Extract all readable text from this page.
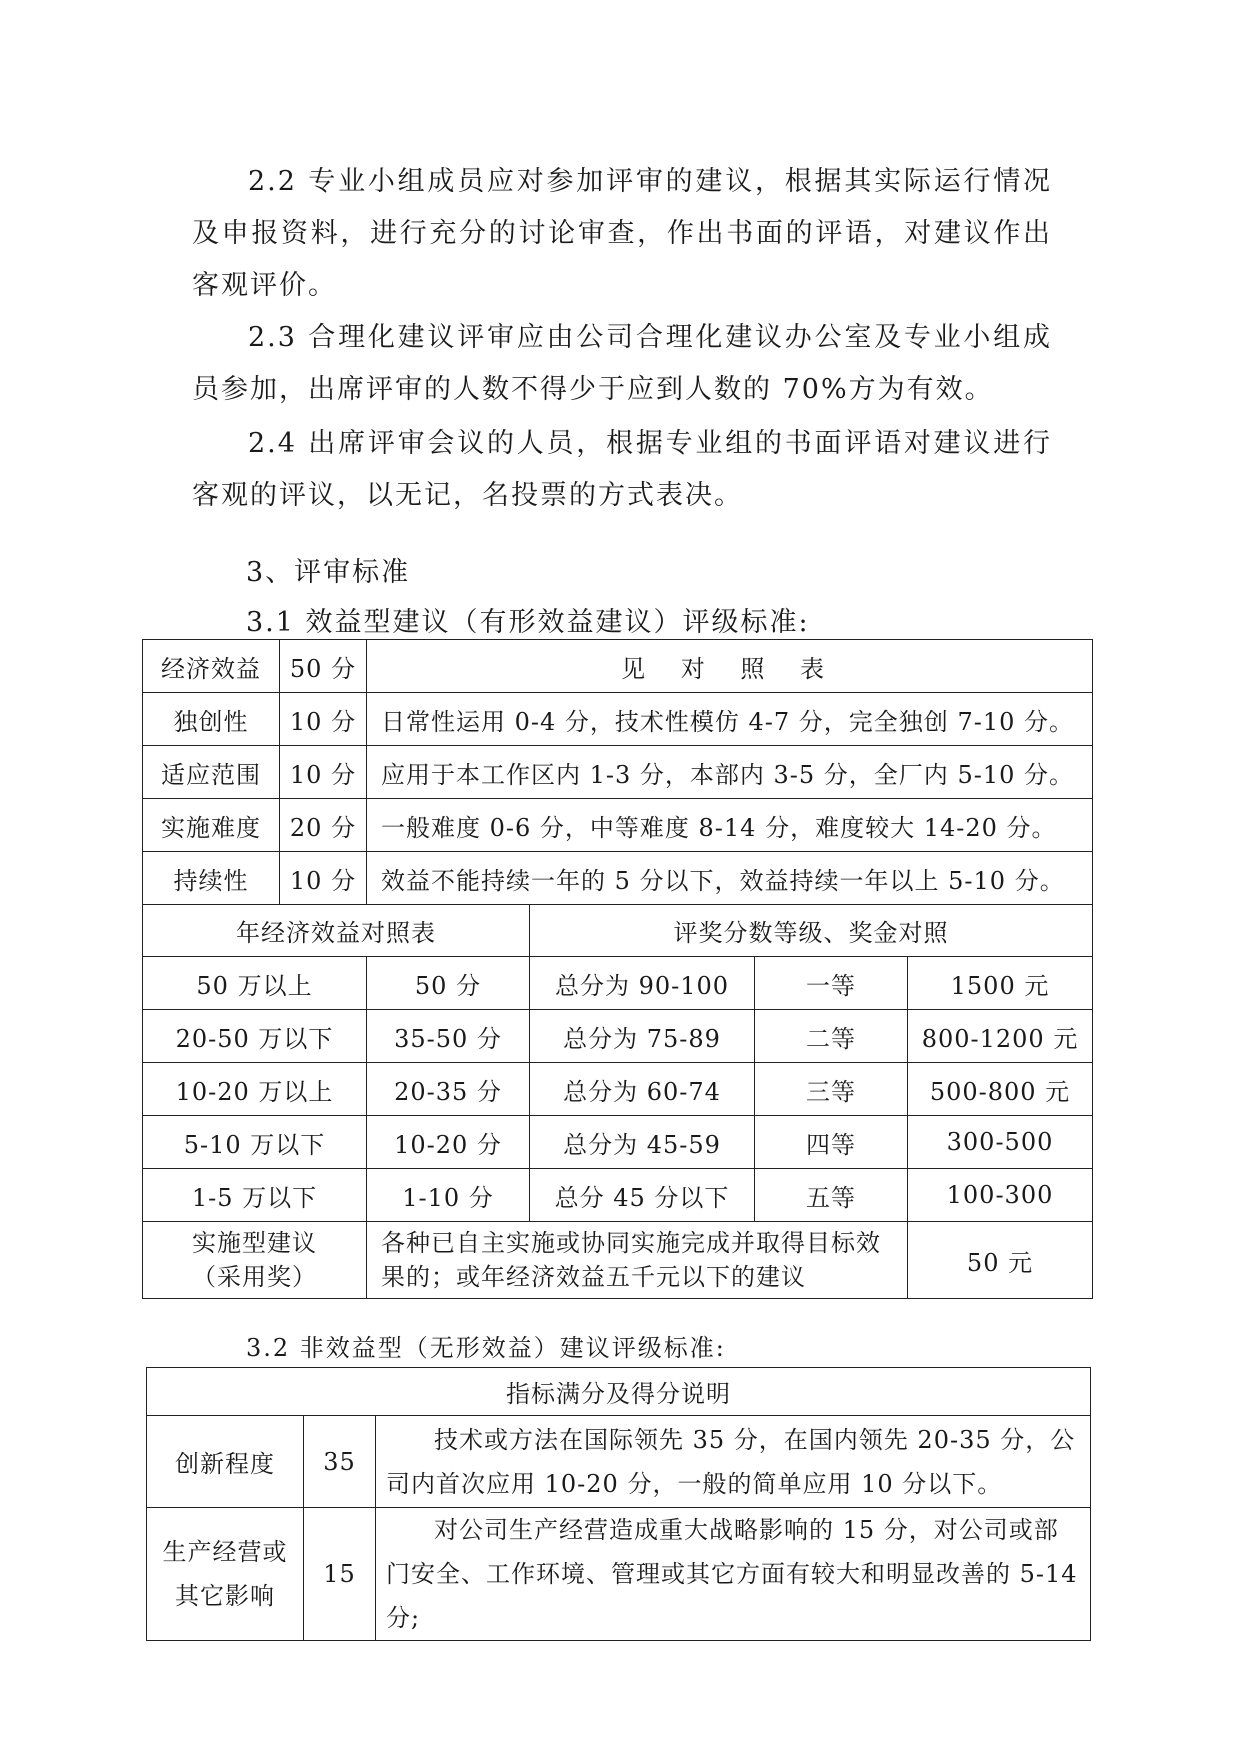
2.2 专业小组成员应对参加评审的建议，根据其实际运行情况及申报资料，进行充分的讨论审查，作出书面的评语，对建议作出客观评价。

2.3 合理化建议评审应由公司合理化建议办公室及专业小组成员参加，出席评审的人数不得少于应到人数的 70%方为有效。

2.4 出席评审会议的人员，根据专业组的书面评语对建议进行客观的评议，以无记，名投票的方式表决。

3、评审标准

3.1 效益型建议（有形效益建议）评级标准:

经济效益	50 分	见 对 照 表			
独创性	10 分	日常性运用 0-4 分，技术性模仿 4-7 分，完全独创 7-10 分。			
适应范围	10 分	应用于本工作区内 1-3 分，本部内 3-5 分，全厂内 5-10 分。			
实施难度	20 分	一般难度 0-6 分，中等难度 8-14 分，难度较大 14-20 分。			
持续性	10 分	效益不能持续一年的 5 分以下，效益持续一年以上 5-10 分。			
年经济效益对照表			评奖分数等级、奖金对照		
50 万以上		50 分	总分为 90-100	一等	1500 元
20-50 万以下		35-50 分	总分为 75-89	二等	800-1200 元
10-20 万以上		20-35 分	总分为 60-74	三等	500-800 元
5-10 万以下		10-20 分	总分为 45-59	四等	300-500
1-5 万以下		1-10 分	总分 45 分以下	五等	100-300
实施型建议（采用奖）		各种已自主实施或协同实施完成并取得目标效果的；或年经济效益五千元以下的建议			50 元

3.2 非效益型（无形效益）建议评级标准:

指标满分及得分说明		
创新程度	35	技术或方法在国际领先 35 分，在国内领先 20-35 分，公司内首次应用 10-20 分，一般的简单应用 10 分以下。
生产经营或其它影响	15	对公司生产经营造成重大战略影响的 15 分，对公司或部门安全、工作环境、管理或其它方面有较大和明显改善的 5-14 分;
